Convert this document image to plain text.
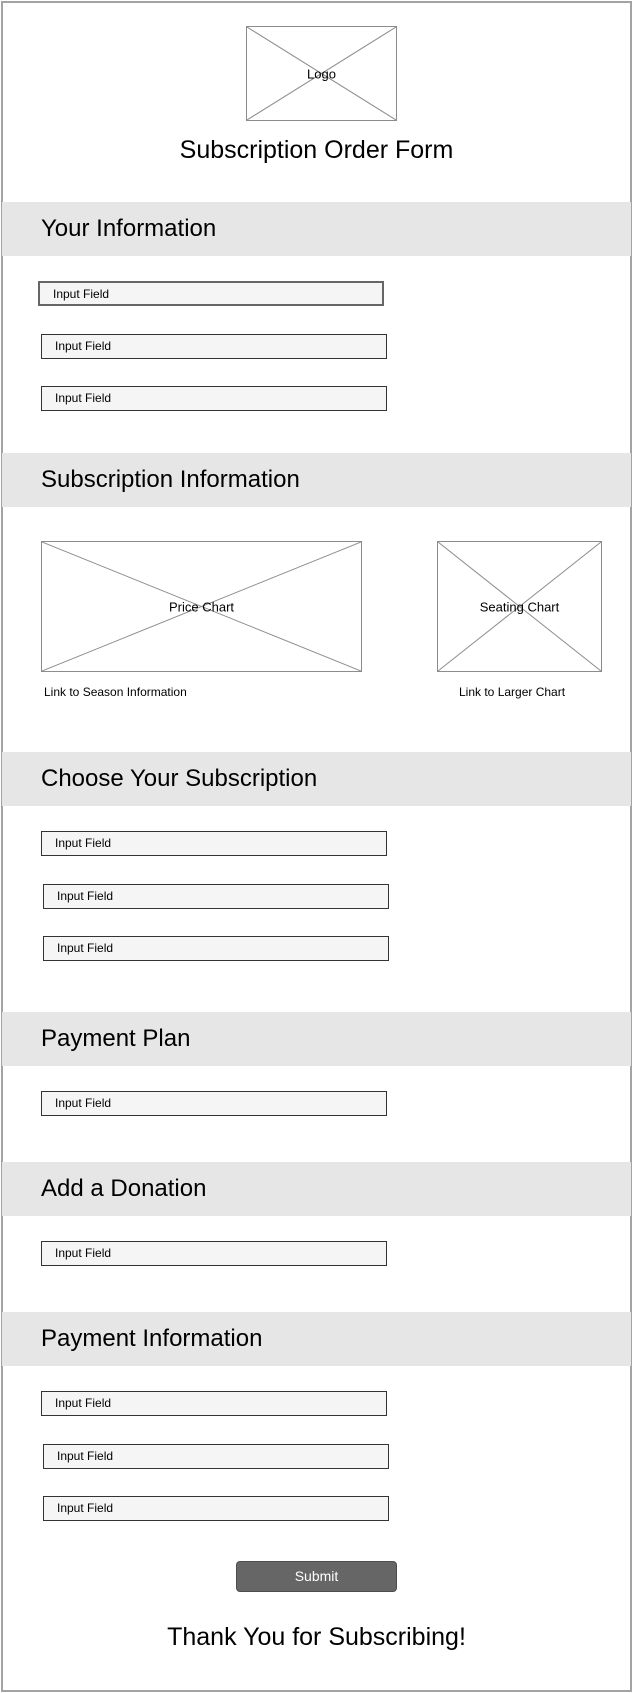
Logo
Subscription Order Form
Your Information
Input Field
Input Field
Input Field
Subscription Information
Price Chart	Seating Chart
Link to Season Information	Link to Larger Chart
Choose Your Subscription
Input Field
Input Field
Input Field
Payment Plan
Input Field
Add a Donation
Input Field
Payment Information
Input Field
Input Field
Input Field
Submit
Thank You for Subscribing!
